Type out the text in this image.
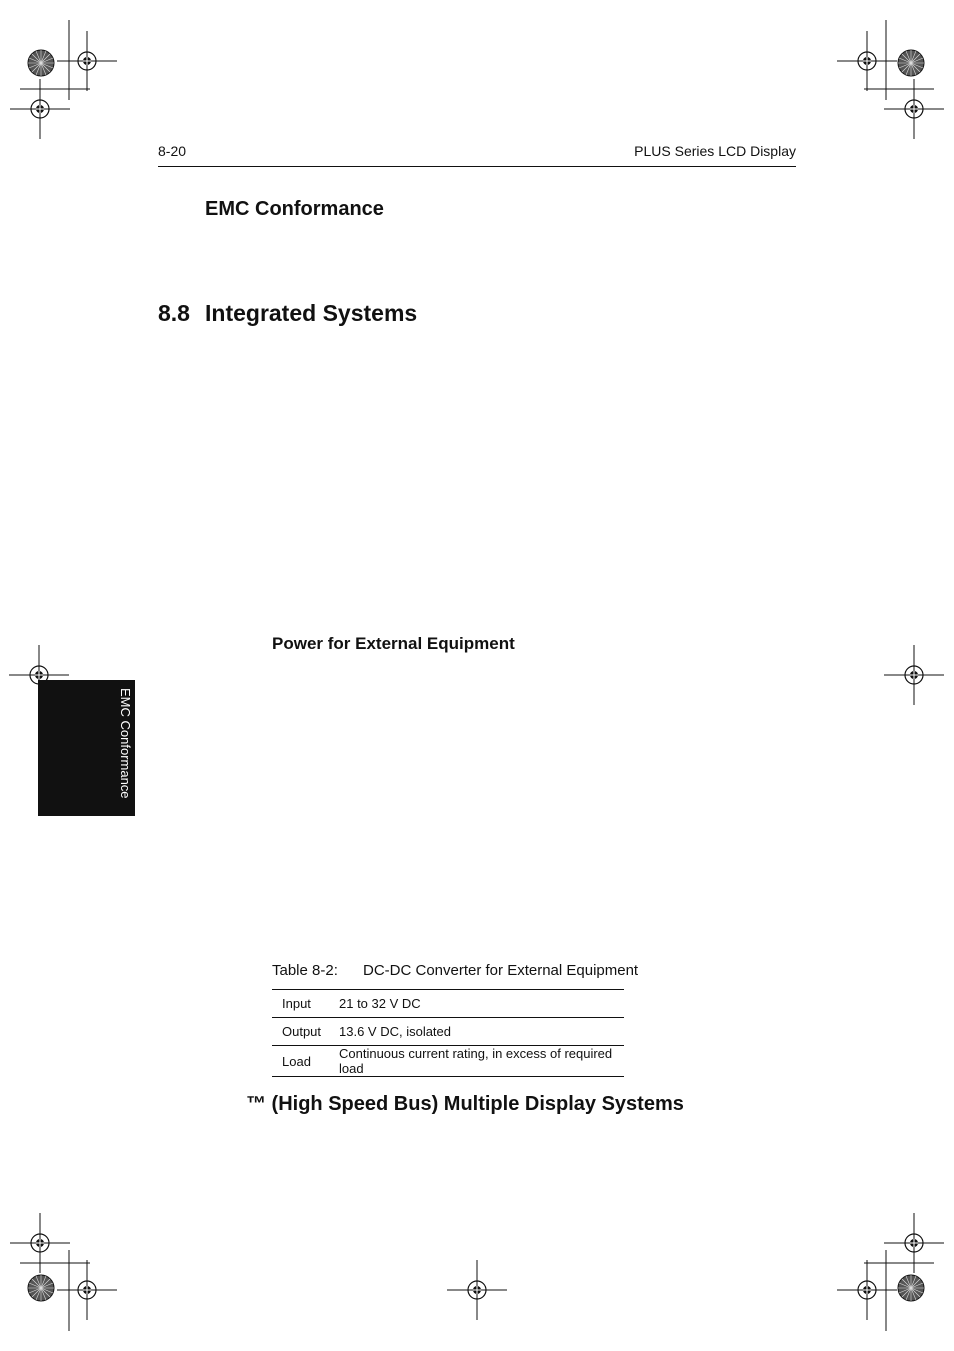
8-20	PLUS Series LCD Display
EMC Conformance
8.8 Integrated Systems
Power for External Equipment
EMC Conformance
Table 8-2: DC-DC Converter for External Equipment
Input	21 to 32 V DC
Output	13.6 V DC, isolated
Load	Continuous current rating, in excess of required load
™ (High Speed Bus) Multiple Display Systems
